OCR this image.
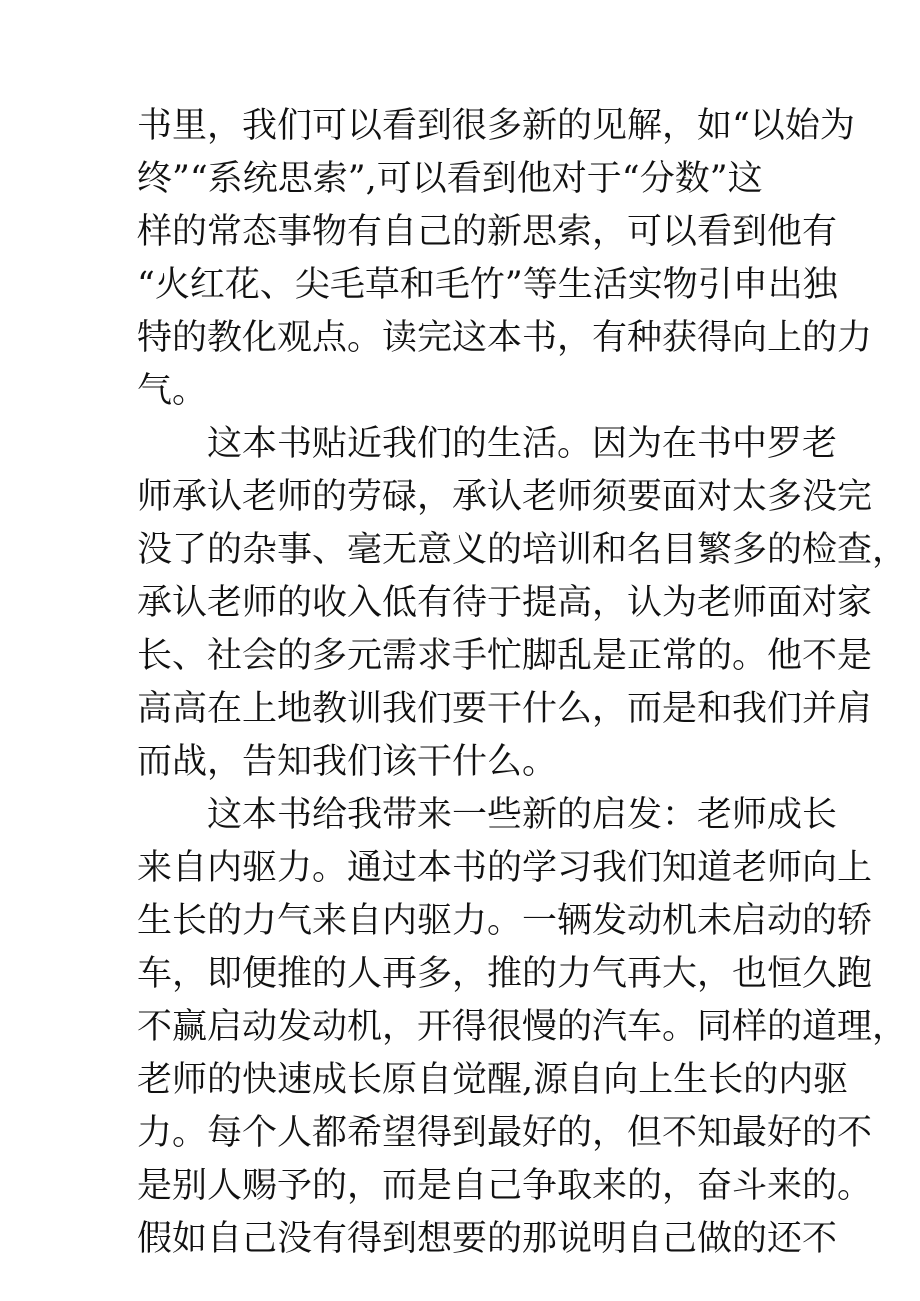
书里，我们可以看到很多新的见解，如“以始为
终”“系统思索”,可以看到他对于“分数”这
样的常态事物有自己的新思索，可以看到他有
“火红花、尖毛草和毛竹”等生活实物引申出独
特的教化观点。读完这本书，有种获得向上的力
气。
　　这本书贴近我们的生活。因为在书中罗老
师承认老师的劳碌，承认老师须要面对太多没完
没了的杂事、毫无意义的培训和名目繁多的检查，
承认老师的收入低有待于提高，认为老师面对家
长、社会的多元需求手忙脚乱是正常的。他不是
高高在上地教训我们要干什么，而是和我们并肩
而战，告知我们该干什么。
　　这本书给我带来一些新的启发：老师成长
来自内驱力。通过本书的学习我们知道老师向上
生长的力气来自内驱力。一辆发动机未启动的轿
车，即便推的人再多，推的力气再大，也恒久跑
不赢启动发动机，开得很慢的汽车。同样的道理，
老师的快速成长原自觉醒,源自向上生长的内驱
力。每个人都希望得到最好的，但不知最好的不
是别人赐予的，而是自己争取来的，奋斗来的。
假如自己没有得到想要的那说明自己做的还不
